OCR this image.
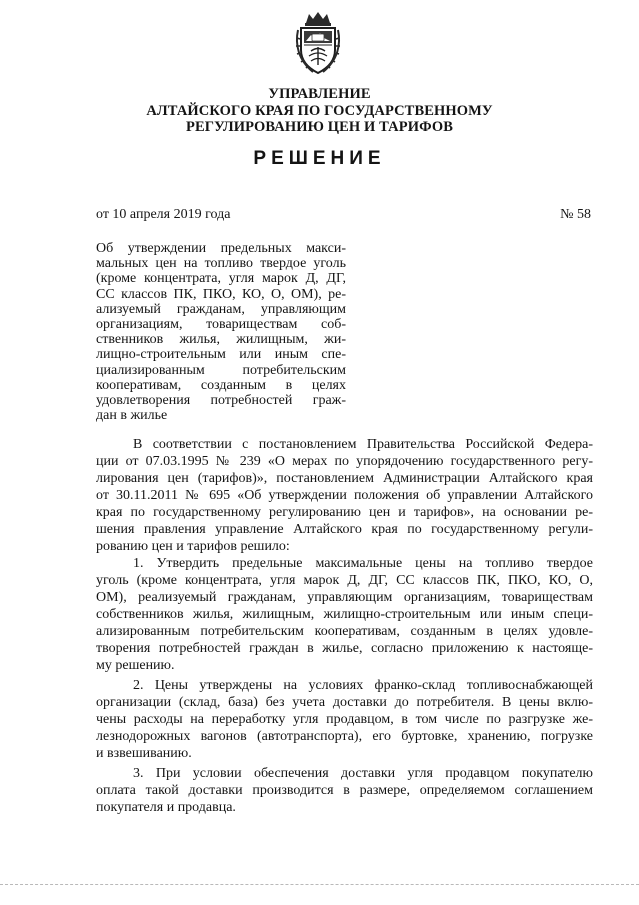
УПРАВЛЕНИЕ
АЛТАЙСКОГО КРАЯ ПО ГОСУДАРСТВЕННОМУ
РЕГУЛИРОВАНИЮ ЦЕН И ТАРИФОВ
РЕШЕНИЕ
от 10 апреля 2019 года	№ 58
Об утверждении предельных макси-
мальных цен на топливо твердое уголь
(кроме концентрата, угля марок Д, ДГ,
СС классов ПК, ПКО, КО, О, ОМ), ре-
ализуемый гражданам, управляющим
организациям, товариществам соб-
ственников жилья, жилищным, жи-
лищно-строительным или иным спе-
циализированным потребительским
кооперативам, созданным в целях
удовлетворения потребностей граж-
дан в жилье
В соответствии с постановлением Правительства Российской Федера-
ции от 07.03.1995 № 239 «О мерах по упорядочению государственного регу-
лирования цен (тарифов)», постановлением Администрации Алтайского края
от 30.11.2011 № 695 «Об утверждении положения об управлении Алтайского
края по государственному регулированию цен и тарифов», на основании ре-
шения правления управление Алтайского края по государственному регули-
рованию цен и тарифов решило:
1. Утвердить предельные максимальные цены на топливо твердое
уголь (кроме концентрата, угля марок Д, ДГ, СС классов ПК, ПКО, КО, О,
ОМ), реализуемый гражданам, управляющим организациям, товариществам
собственников жилья, жилищным, жилищно-строительным или иным специ-
ализированным потребительским кооперативам, созданным в целях удовле-
творения потребностей граждан в жилье, согласно приложению к настояще-
му решению.
2. Цены утверждены на условиях франко-склад топливоснабжающей
организации (склад, база) без учета доставки до потребителя. В цены вклю-
чены расходы на переработку угля продавцом, в том числе по разгрузке же-
лезнодорожных вагонов (автотранспорта), его буртовке, хранению, погрузке
и взвешиванию.
3. При условии обеспечения доставки угля продавцом покупателю
оплата такой доставки производится в размере, определяемом соглашением
покупателя и продавца.
